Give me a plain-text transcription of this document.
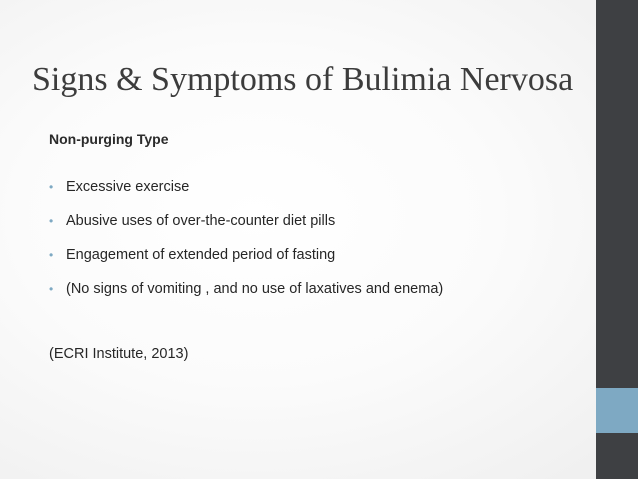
Signs & Symptoms of Bulimia Nervosa
Non-purging Type
• Excessive exercise
• Abusive uses of over-the-counter diet pills
• Engagement of extended period of fasting
• (No signs of vomiting , and no use of laxatives and enema)
(ECRI Institute, 2013)
